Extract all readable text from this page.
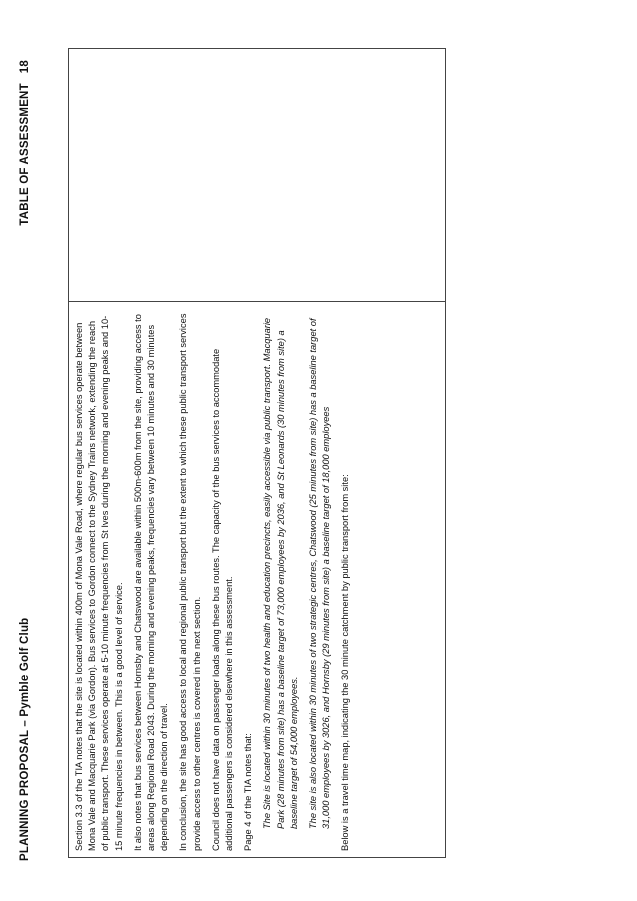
PLANNING PROPOSAL – Pymble Golf Club
TABLE OF ASSESSMENT18

Section 3.3 of the TIA notes that the site is located within 400m of Mona Vale Road, where regular bus services operate between Mona Vale and Macquarie Park (via Gordon). Bus services to Gordon connect to the Sydney Trains network, extending the reach of public transport. These services operate at 5-10 minute frequencies from St Ives during the morning and evening peaks and 10-15 minute frequencies in between. This is a good level of service. It also notes that bus services between Hornsby and Chatswood are available within 500m-600m from the site, providing access to areas along Regional Road 2043. During the morning and evening peaks, frequencies vary between 10 minutes and 30 minutes depending on the direction of travel. In conclusion, the site has good access to local and regional public transport but the extent to which these public transport services provide access to other centres is covered in the next section. Council does not have data on passenger loads along these bus routes. The capacity of the bus services to accommodate additional passengers is considered elsewhere in this assessment. Page 4 of the TIA notes that: The Site is located within 30 minutes of two health and education precincts, easily accessible via public transport. Macquarie Park (28 minutes from site) has a baseline target of 73,000 employees by 2036, and St Leonards (30 minutes from site) a baseline target of 54,000 employees. The site is also located within 30 minutes of two strategic centres, Chatswood (25 minutes from site) has a baseline target of 31,000 employees by 3026, and Hornsby (29 minutes from site) a baseline target of 18,000 employees Below is a travel time map, indicating the 30 minute catchment by public transport from site:
